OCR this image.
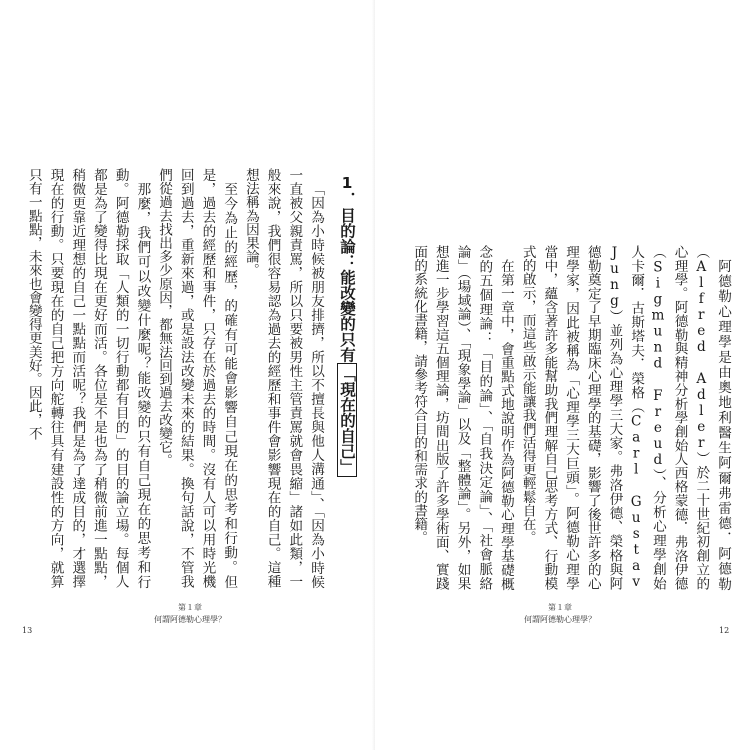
1．目的論：能改變的只有「現在的自己」

「因為小時候被朋友排擠，所以不擅長與他人溝通」、「因為小時候一直被父親責罵，所以只要被男性主管責罵就會畏縮」諸如此類，一般來說，我們很容易認為過去的經歷和事件會影響現在的自己。這種想法稱為因果論。

至今為止的經歷，的確有可能會影響自己現在的思考和行動。但是，過去的經歷和事件，只存在於過去的時間。沒有人可以用時光機回到過去，重新來過，或是設法改變未來的結果。換句話說，不管我們從過去找出多少原因，都無法回到過去改變它。

那麼，我們可以改變什麼呢？能改變的只有自己現在的思考和行動。阿德勒採取「人類的一切行動都有目的」的目的論立場。每個人都是為了變得比現在更好而活。各位是不是也為了稍微前進一點點，稍微更靠近理想的自己一點點而活呢？我們是為了達成目的，才選擇現在的行動。只要現在的自己把方向舵轉往具有建設性的方向，就算只有一點點，未來也會變得更美好。因此，不

第１章
何謂阿德勒心理學？
13

阿德勒心理學是由奧地利醫生阿爾弗雷德．阿德勒（Alfred Adler）於二十世紀初創立的心理學。阿德勒與精神分析學創始人西格蒙德．弗洛伊德（Sigmund Freud）、分析心理學創始人卡爾．古斯塔夫．榮格（Carl Gustav Jung）並列為心理學三大家。弗洛伊德、榮格與阿德勒奠定了早期臨床心理學的基礎，影響了後世許多的心理學家，因此被稱為「心理學三大巨頭」。阿德勒心理學當中，蘊含著許多能幫助我們理解自己思考方式、行動模式的啟示，而這些啟示能讓我們活得更輕鬆自在。

在第一章中，會重點式地說明作為阿德勒心理學基礎概念的五個理論：「目的論」、「自我決定論」、「社會脈絡論」（場域論）、「現象學論」以及「整體論」。另外，如果想進一步學習這五個理論，坊間出版了許多學術面、實踐面的系統化書籍，請參考符合目的和需求的書籍。

第１章
何謂阿德勒心理學？
12
